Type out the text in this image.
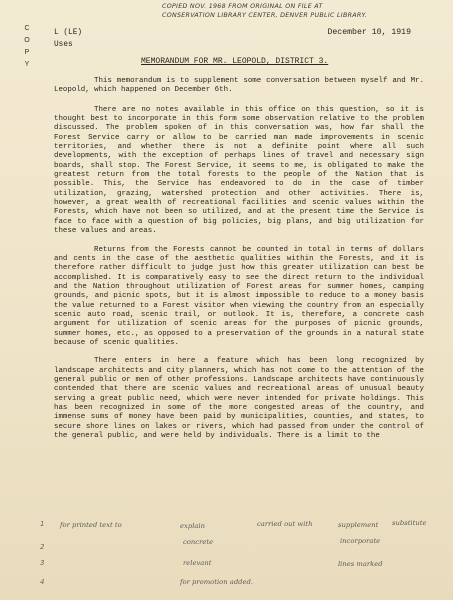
COPIED NOV. 1968 FROM ORIGINAL ON FILE AT
CONSERVATION LIBRARY CENTER, DENVER PUBLIC LIBRARY.
C
O
P
Y
L (LE)
Uses
December 10, 1919
MEMORANDUM FOR MR. LEOPOLD, DISTRICT 3.

This memorandum is to supplement some conversation between myself and Mr. Leopold, which happened on December 6th.

There are no notes available in this office on this question, so it is thought best to incorporate in this form some observation relative to the problem discussed. The problem spoken of in this conversation was, how far shall the Forest Service carry or allow to be carried man made improvements in scenic territories, and whether there is not a definite point where all such developments, with the exception of perhaps lines of travel and necessary sign boards, shall stop. The Forest Service, it seems to me, is obligated to make the greatest return from the total forests to the people of the Nation that is possible. This, the Service has endeavored to do in the case of timber utilization, grazing, watershed protection and other activities. There is, however, a great wealth of recreational facilities and scenic values within the Forests, which have not been so utilized, and at the present time the Service is face to face with a question of big policies, big plans, and big utilization for these values and areas.

Returns from the Forests cannot be counted in total in terms of dollars and cents in the case of the aesthetic qualities within the Forests, and it is therefore rather difficult to judge just how this greater utilization can best be accomplished. It is comparatively easy to see the direct return to the individual and the Nation throughout utilization of Forest areas for summer homes, camping grounds, and picnic spots, but it is almost impossible to reduce to a money basis the value returned to a Forest visitor when viewing the country from an especially scenic auto road, scenic trail, or outlook. It is, therefore, a concrete cash argument for utilization of scenic areas for the purposes of picnic grounds, summer homes, etc., as opposed to a preservation of the grounds in a natural state because of scenic qualities.

There enters in here a feature which has been long recognized by landscape architects and city planners, which has not come to the attention of the general public or men of other professions. Landscape architects have continuously contended that there are scenic values and recreational areas of unusual beauty serving a great public need, which were never intended for private holdings. This has been recognized in some of the more congested areas of the country, and immense sums of money have been paid by municipalities, counties, and states, to secure shore lines on lakes or rivers, which had passed from under the control of the general public, and were held by individuals. There is a limit to the

1
2
3
4
for printed text to	explain	carried out with	supplement substitute
concrete	incorporate
relevant	lines marked
for promotion added.
